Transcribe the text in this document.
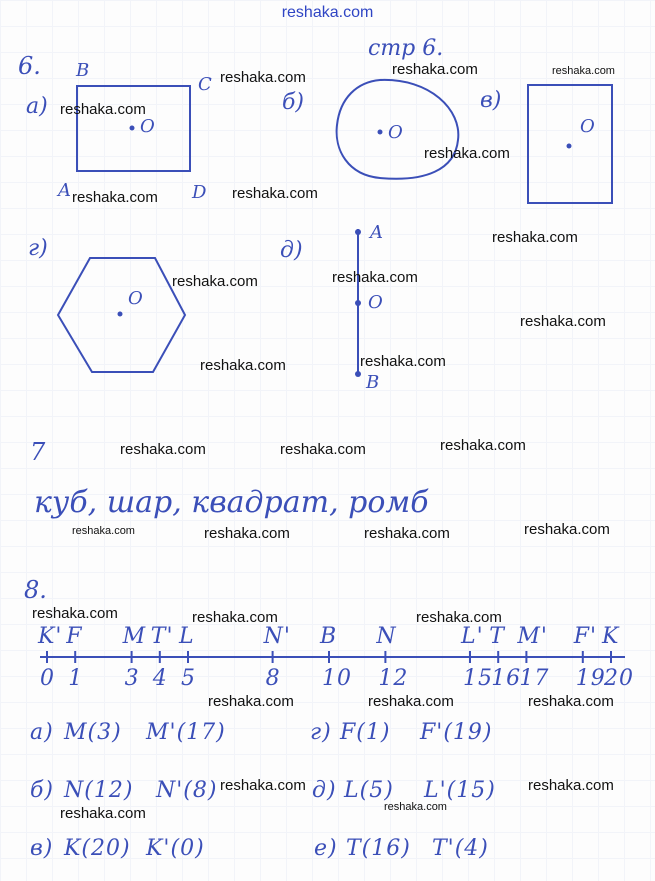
reshaka.com
6.
стр 6.
а)
B
C
A	D
O
б)
O
в)
O
г)
O
д)
A
O
B
7
куб, шар, квадрат, ромб
8.
K' F M T' L	N' B N	L' T M' F' K
0 1 3 4 5	8 10 12 15
16
17 19
20
а) M(3) M'(17)	г) F(1) F'(19)
б) N(12) N'(8)	д) L(5) L'(15)
в) K(20) K'(0)	е) T(16) T'(4)
reshaka.com	reshaka.com
reshaka.com
reshaka.com
reshaka.com
reshaka.com	reshaka.com
reshaka.com
reshaka.com
reshaka.com
reshaka.com
reshaka.com
reshaka.com
reshaka.com
reshaka.com	reshaka.com
reshaka.com	reshaka.com	reshaka.com	reshaka.com
reshaka.com	reshaka.com	reshaka.com
reshaka.com	reshaka.com	reshaka.com
reshaka.com	reshaka.com
reshaka.com
reshaka.com
